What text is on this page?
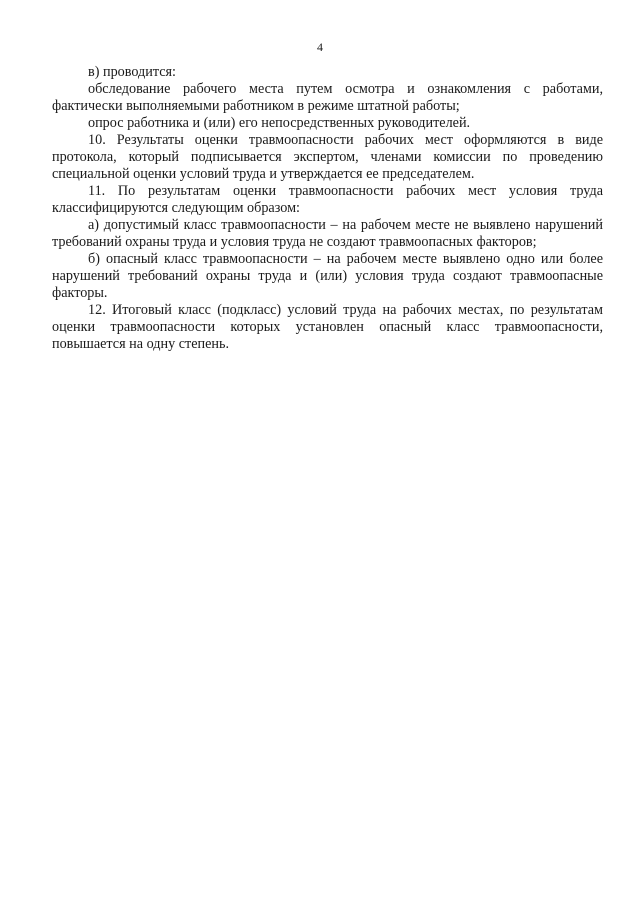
4

в) проводится:

обследование рабочего места путем осмотра и ознакомления с работами, фактически выполняемыми работником в режиме штатной работы;

опрос работника и (или) его непосредственных руководителей.

10. Результаты оценки травмоопасности рабочих мест оформляются в виде протокола, который подписывается экспертом, членами комиссии по проведению специальной оценки условий труда и утверждается ее председателем.

11. По результатам оценки травмоопасности рабочих мест условия труда классифицируются следующим образом:

а) допустимый класс травмоопасности – на рабочем месте не выявлено нарушений требований охраны труда и условия труда не создают травмоопасных факторов;

б) опасный класс травмоопасности – на рабочем месте выявлено одно или более нарушений требований охраны труда и (или) условия труда создают травмоопасные факторы.

12. Итоговый класс (подкласс) условий труда на рабочих местах, по результатам оценки травмоопасности которых установлен опасный класс травмоопасности, повышается на одну степень.
